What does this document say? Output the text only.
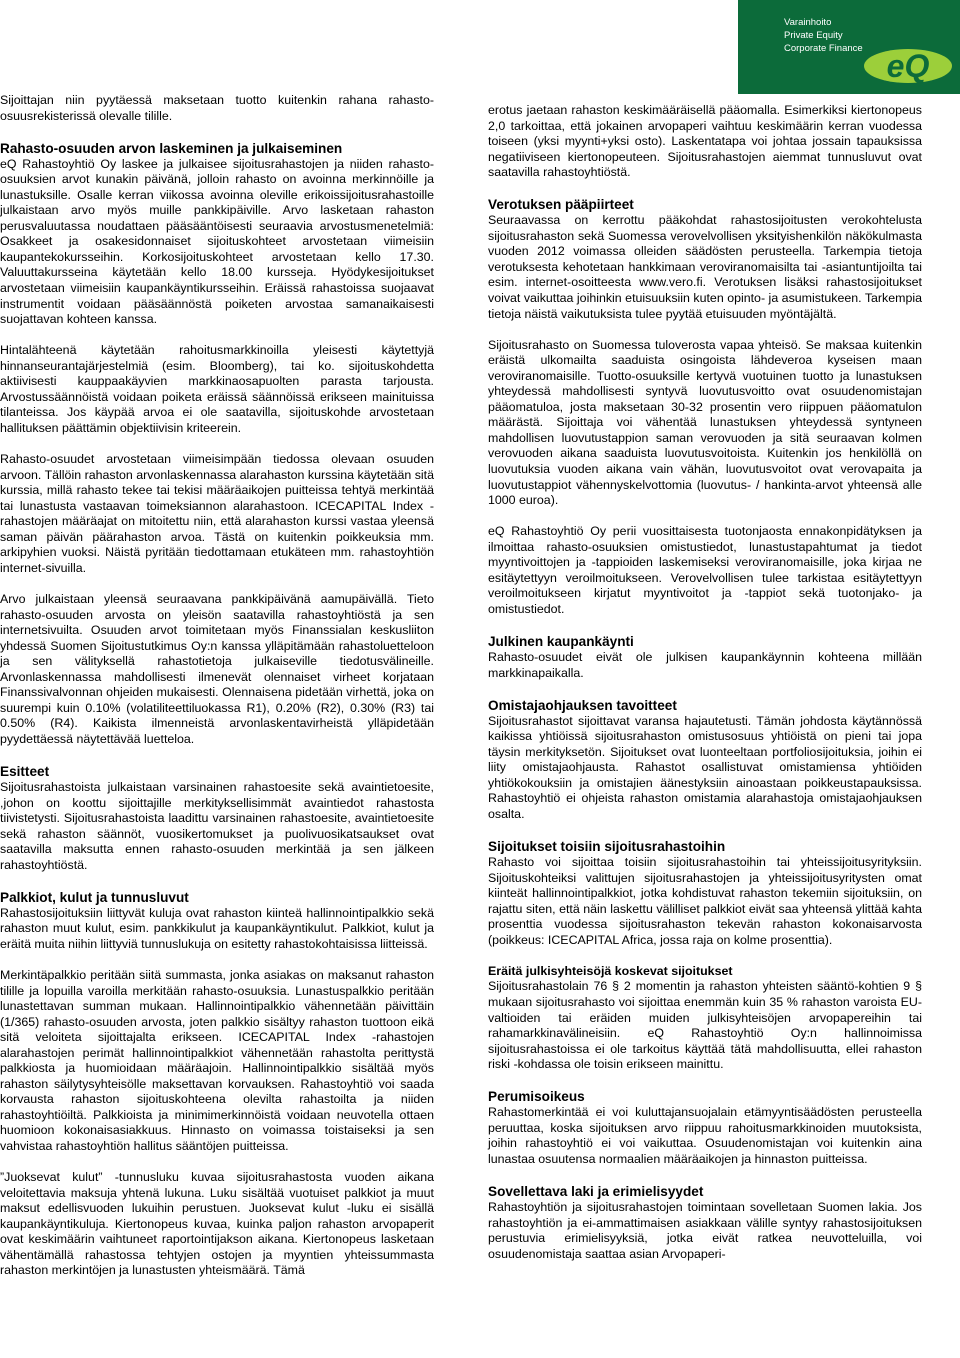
Varainhoito
Private Equity
Corporate Finance eQ

Sijoittajan niin pyytäessä maksetaan tuotto kuitenkin rahana rahasto-osuusrekisterissä olevalle tilille.

Rahasto-osuuden arvon laskeminen ja julkaiseminen

eQ Rahastoyhtiö Oy laskee ja julkaisee sijoitusrahastojen ja niiden rahasto-osuuksien arvot kunakin päivänä, jolloin rahasto on avoinna merkinnöille ja lunastuksille. Osalle kerran viikossa avoinna oleville erikoissijoitusrahastoille julkaistaan arvo myös muille pankkipäiville. Arvo lasketaan rahaston perusvaluutassa noudattaen pääsääntöisesti seuraavia arvostusmenetelmiä: Osakkeet ja osakesidonnaiset sijoituskohteet arvostetaan viimeisiin kaupantekokursseihin. Korkosijoituskohteet arvostetaan kello 17.30. Valuuttakursseina käytetään kello 18.00 kursseja. Hyödykesijoitukset arvostetaan viimeisiin kaupankäyntikursseihin. Eräissä rahastoissa suojaavat instrumentit voidaan pääsäännöstä poiketen arvostaa samanaikaisesti suojattavan kohteen kanssa.

Hintalähteenä käytetään rahoitusmarkkinoilla yleisesti käytettyjä hinnanseurantajärjestelmiä (esim. Bloomberg), tai ko. sijoituskohdetta aktiivisesti kauppaakäyvien markkinaosapuolten parasta tarjousta. Arvostussäännöistä voidaan poiketa eräissä säännöissä erikseen mainituissa tilanteissa. Jos käypää arvoa ei ole saatavilla, sijoituskohde arvostetaan hallituksen päättämin objektiivisin kriteerein.

Rahasto-osuudet arvostetaan viimeisimpään tiedossa olevaan osuuden arvoon. Tällöin rahaston arvonlaskennassa alarahaston kurssina käytetään sitä kurssia, millä rahasto tekee tai tekisi määräaikojen puitteissa tehtyä merkintää tai lunastusta vastaavan toimeksiannon alarahastoon. ICECAPITAL Index -rahastojen määräajat on mitoitettu niin, että alarahaston kurssi vastaa yleensä saman päivän päärahaston arvoa. Tästä on kuitenkin poikkeuksia mm. arkipyhien vuoksi. Näistä pyritään tiedottamaan etukäteen mm. rahastoyhtiön internet-sivuilla.

Arvo julkaistaan yleensä seuraavana pankkipäivänä aamupäivällä. Tieto rahasto-osuuden arvosta on yleisön saatavilla rahastoyhtiöstä ja sen internetsivuilta. Osuuden arvot toimitetaan myös Finanssialan keskusliiton yhdessä Suomen Sijoitustutkimus Oy:n kanssa ylläpitämään rahastoluetteloon ja sen välityksellä rahastotietoja julkaiseville tiedotusvälineille. Arvonlaskennassa mahdollisesti ilmenevät olennaiset virheet korjataan Finanssivalvonnan ohjeiden mukaisesti. Olennaisena pidetään virhettä, joka on suurempi kuin 0.10% (volatiliteettiluokassa R1), 0.20% (R2), 0.30% (R3) tai 0.50% (R4). Kaikista ilmenneistä arvonlaskentavirheistä ylläpidetään pyydettäessä näytettävää luetteloa.

Esitteet

Sijoitusrahastoista julkaistaan varsinainen rahastoesite sekä avaintietoesite, ,johon on koottu sijoittajille merkityksellisimmät avaintiedot rahastosta tiivistetysti. Sijoitusrahastoista laadittu varsinainen rahastoesite, avaintietoesite sekä rahaston säännöt, vuosikertomukset ja puolivuosikatsaukset ovat saatavilla maksutta ennen rahasto-osuuden merkintää ja sen jälkeen rahastoyhtiöstä.

Palkkiot, kulut ja tunnusluvut

Rahastosijoituksiin liittyvät kuluja ovat rahaston kiinteä hallinnointipalkkio sekä rahaston muut kulut, esim. pankkikulut ja kaupankäyntikulut. Palkkiot, kulut ja eräitä muita niihin liittyviä tunnuslukuja on esitetty rahastokohtaisissa liitteissä.

Merkintäpalkkio peritään siitä summasta, jonka asiakas on maksanut rahaston tilille ja lopuilla varoilla merkitään rahasto-osuuksia. Lunastuspalkkio peritään lunastettavan summan mukaan. Hallinnointipalkkio vähennetään päivittäin (1/365) rahasto-osuuden arvosta, joten palkkio sisältyy rahaston tuottoon eikä sitä veloiteta sijoittajalta erikseen. ICECAPITAL Index -rahastojen alarahastojen perimät hallinnointipalkkiot vähennetään rahastolta perittystä palkkiosta ja huomioidaan määräajoin. Hallinnointipalkkio sisältää myös rahaston säilytysyhteisölle maksettavan korvauksen. Rahastoyhtiö voi saada korvausta rahaston sijoituskohteena olevilta rahastoilta ja niiden rahastoyhtiöiltä. Palkkioista ja minimimerkinnöistä voidaan neuvotella ottaen huomioon kokonaisasiakkuus. Hinnasto on voimassa toistaiseksi ja sen vahvistaa rahastoyhtiön hallitus sääntöjen puitteissa.

”Juoksevat kulut” -tunnusluku kuvaa sijoitusrahastosta vuoden aikana veloitettavia maksuja yhtenä lukuna. Luku sisältää vuotuiset palkkiot ja muut maksut edellisvuoden lukuihin perustuen. Juoksevat kulut -luku ei sisällä kaupankäyntikuluja. Kiertonopeus kuvaa, kuinka paljon rahaston arvopaperit ovat keskimäärin vaihtuneet raportointijakson aikana. Kiertonopeus lasketaan vähentämällä rahastossa tehtyjen ostojen ja myyntien yhteissummasta rahaston merkintöjen ja lunastusten yhteismäärä. Tämä

erotus jaetaan rahaston keskimääräisellä pääomalla. Esimerkiksi kiertonopeus 2,0 tarkoittaa, että jokainen arvopaperi vaihtuu keskimäärin kerran vuodessa toiseen (yksi myynti+yksi osto). Laskentatapa voi johtaa jossain tapauksissa negatiiviseen kiertonopeuteen. Sijoitusrahastojen aiemmat tunnusluvut ovat saatavilla rahastoyhtiöstä.

Verotuksen pääpiirteet

Seuraavassa on kerrottu pääkohdat rahastosijoitusten verokohtelusta sijoitusrahaston sekä Suomessa verovelvollisen yksityishenkilön näkökulmasta vuoden 2012 voimassa olleiden säädösten perusteella. Tarkempia tietoja verotuksesta kehotetaan hankkimaan veroviranomaisilta tai -asiantuntijoilta tai esim. internet-osoitteesta www.vero.fi. Verotuksen lisäksi rahastosijoitukset voivat vaikuttaa joihinkin etuisuuksiin kuten opinto- ja asumistukeen. Tarkempia tietoja näistä vaikutuksista tulee pyytää etuisuuden myöntäjältä.

Sijoitusrahasto on Suomessa tuloverosta vapaa yhteisö. Se maksaa kuitenkin eräistä ulkomailta saaduista osingoista lähdeveroa kyseisen maan veroviranomaisille. Tuotto-osuuksille kertyvä vuotuinen tuotto ja lunastuksen yhteydessä mahdollisesti syntyvä luovutusvoitto ovat osuudenomistajan pääomatuloa, josta maksetaan 30-32 prosentin vero riippuen pääomatulon määrästä. Sijoittaja voi vähentää lunastuksen yhteydessä syntyneen mahdollisen luovutustappion saman verovuoden ja sitä seuraavan kolmen verovuoden aikana saaduista luovutusvoitoista. Kuitenkin jos henkilöllä on luovutuksia vuoden aikana vain vähän, luovutusvoitot ovat verovapaita ja luovutustappiot vähennyskelvottomia (luovutus- / hankinta-arvot yhteensä alle 1000 euroa).

eQ Rahastoyhtiö Oy perii vuosittaisesta tuotonjaosta ennakonpidätyksen ja ilmoittaa rahasto-osuuksien omistustiedot, lunastustapahtumat ja tiedot myyntivoittojen ja -tappioiden laskemiseksi veroviranomaisille, joka kirjaa ne esitäytettyyn veroilmoitukseen. Verovelvollisen tulee tarkistaa esitäytettyyn veroilmoitukseen kirjatut myyntivoitot ja -tappiot sekä tuotonjako- ja omistustiedot.

Julkinen kaupankäynti

Rahasto-osuudet eivät ole julkisen kaupankäynnin kohteena millään markkinapaikalla.

Omistajaohjauksen tavoitteet

Sijoitusrahastot sijoittavat varansa hajautetusti. Tämän johdosta käytännössä kaikissa yhtiöissä sijoitusrahaston omistusosuus yhtiöistä on pieni tai jopa täysin merkityksetön. Sijoitukset ovat luonteeltaan portfoliosijoituksia, joihin ei liity omistajaohjausta. Rahastot osallistuvat omistamiensa yhtiöiden yhtiökokouksiin ja omistajien äänestyksiin ainoastaan poikkeustapauksissa. Rahastoyhtiö ei ohjeista rahaston omistamia alarahastoja omistajaohjauksen osalta.

Sijoitukset toisiin sijoitusrahastoihin

Rahasto voi sijoittaa toisiin sijoitusrahastoihin tai yhteissijoitusyrityksiin. Sijoituskohteiksi valittujen sijoitusrahastojen ja yhteissijoitusyritysten omat kiinteät hallinnointipalkkiot, jotka kohdistuvat rahaston tekemiin sijoituksiin, on rajattu siten, että näin laskettu välilliset palkkiot eivät saa yhteensä ylittää kahta prosenttia vuodessa sijoitusrahaston tekevän rahaston kokonaisarvosta (poikkeus: ICECAPITAL Africa, jossa raja on kolme prosenttia).

Eräitä julkisyhteisöjä koskevat sijoitukset

Sijoitusrahastolain 76 § 2 momentin ja rahaston yhteisten sääntö-kohtien 9 § mukaan sijoitusrahasto voi sijoittaa enemmän kuin 35 % rahaston varoista EU-valtioiden tai eräiden muiden julkisyhteisöjen arvopapereihin tai rahamarkkinavälineisiin. eQ Rahastoyhtiö Oy:n hallinnoimissa sijoitusrahastoissa ei ole tarkoitus käyttää tätä mahdollisuutta, ellei rahaston riski -kohdassa ole toisin erikseen mainittu.

Perumisoikeus

Rahastomerkintää ei voi kuluttajansuojalain etämyyntisäädösten perusteella peruuttaa, koska sijoituksen arvo riippuu rahoitusmarkkinoiden muutoksista, joihin rahastoyhtiö ei voi vaikuttaa. Osuudenomistajan voi kuitenkin aina lunastaa osuutensa normaalien määräaikojen ja hinnaston puitteissa.

Sovellettava laki ja erimielisyydet

Rahastoyhtiön ja sijoitusrahastojen toimintaan sovelletaan Suomen lakia. Jos rahastoyhtiön ja ei-ammattimaisen asiakkaan välille syntyy rahastosijoituksen perustuvia erimielisyyksiä, jotka eivät ratkea neuvotteluilla, voi osuudenomistaja saattaa asian Arvopaperi-
